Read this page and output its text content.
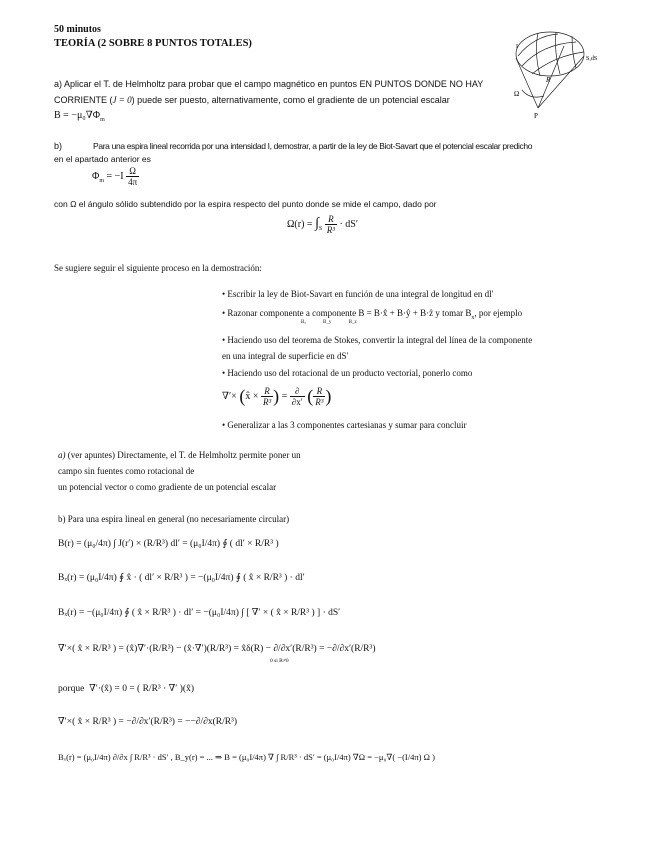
50 minutos
TEORÍA (2 SOBRE 8 PUNTOS TOTALES)
P
S,dS
R
Ω
I
a) Aplicar el T. de Helmholtz para probar que el campo magnético en puntos EN PUNTOS DONDE NO HAY
CORRIENTE (J = 0) puede ser puesto, alternativamente, como el gradiente de un potencial escalar
$B = -\mu_0\nabla\Phi_m$
b)	Para una espira lineal recorrida por una intensidad I, demostrar, a partir de la ley de Biot-Savart que el potencial escalar predicho
en el apartado anterior es
$\Phi_m = -I \frac{\Omega}{4\pi}$
con Ω el ángulo sólido subtendido por la espira respecto del punto donde se mide el campo, dado por
$\Omega(r) = \int_S \frac{R}{\text{R³}} \cdot dS'$
Se sugiere seguir el siguiente proceso en la demostración:
• Escribir la ley de Biot-Savart en función de una integral de longitud en dl′
• Razonar componente a componente B = B·x̂ + B·ŷ + B·ẑ y tomar $B_x$, por ejemplo
Bₓ	B_y	B_z
• Haciendo uso del teorema de Stokes, convertir la integral del línea de la componente
en una integral de superficie en dS′
• Haciendo uso del rotacional de un producto vectorial, ponerlo como
∇′× (x̂ × $\frac{R}{\text{R³}}$ ) = $\frac{\partial}{\partial x'}$ ( $\frac{R}{\text{R³}}$ )
• Generalizar a las 3 componentes cartesianas y sumar para concluir
a) (ver apuntes) Directamente, el T. de Helmholtz permite poner un
campo sin fuentes como rotacional de
un potencial vector o como gradiente de un potencial escalar
b) Para una espira lineal en general (no necesariamente circular)
B(r) = (μ₀/4π) ∫ J(r′) × (R/R³) dl′ = (μ₀I/4π) ∮ ( dl′ × R/R³ )
Bₓ(r) = (μ₀I/4π) ∮ x̂ · ( dl′ × R/R³ ) = −(μ₀I/4π) ∮ ( x̂ × R/R³ ) · dl′
Bₓ(r) = −(μ₀I/4π) ∮ ( x̂ × R/R³ ) · dl′ = −(μ₀I/4π) ∫ [ ∇′ × ( x̂ × R/R³ ) ] · dS′
∇′×( x̂ × R/R³ ) = (x̂)∇′·(R/R³) − (x̂·∇′)(R/R³) = x̂δ(R) − ∂/∂x′(R/R³) = −∂/∂x′(R/R³)
0 si R≠0
porque ∇′·(x̂) = 0 = ( R/R³ · ∇′ )(x̂)
∇′×( x̂ × R/R³ ) = −∂/∂x′(R/R³) = −−∂/∂x(R/R³)
Bₓ(r) = (μ₀I/4π) ∂/∂x ∫ R/R³ · dS′ , B_y(r) = ... ⇒ B = (μ₀I/4π) ∇ ∫ R/R³ · dS′ = (μ₀I/4π) ∇Ω = −μ₀∇( −(I/4π) Ω )
